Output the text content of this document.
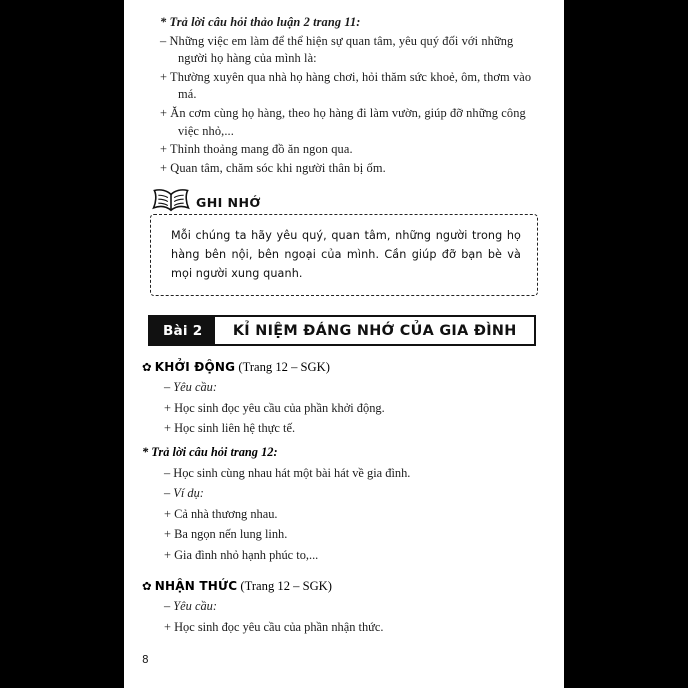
* Trả lời câu hỏi thảo luận 2 trang 11:
– Những việc em làm để thể hiện sự quan tâm, yêu quý đối với những người họ hàng của mình là:
+ Thường xuyên qua nhà họ hàng chơi, hỏi thăm sức khoẻ, ôm, thơm vào má.
+ Ăn cơm cùng họ hàng, theo họ hàng đi làm vườn, giúp đỡ những công việc nhỏ,...
+ Thỉnh thoảng mang đồ ăn ngon qua.
+ Quan tâm, chăm sóc khi người thân bị ốm.
GHI NHỚ

Mỗi chúng ta hãy yêu quý, quan tâm, những người trong họ hàng bên nội, bên ngoại của mình. Cần giúp đỡ bạn bè và mọi người xung quanh.

Bài 2	KỈ NIỆM ĐÁNG NHỚ CỦA GIA ĐÌNH
✿ KHỞI ĐỘNG (Trang 12 – SGK)
– Yêu cầu:
+ Học sinh đọc yêu cầu của phần khởi động.
+ Học sinh liên hệ thực tế.
* Trả lời câu hỏi trang 12:
– Học sinh cùng nhau hát một bài hát về gia đình.
– Ví dụ:
+ Cả nhà thương nhau.
+ Ba ngọn nến lung linh.
+ Gia đình nhỏ hạnh phúc to,...
✿ NHẬN THỨC (Trang 12 – SGK)
– Yêu cầu:
+ Học sinh đọc yêu cầu của phần nhận thức.
8
